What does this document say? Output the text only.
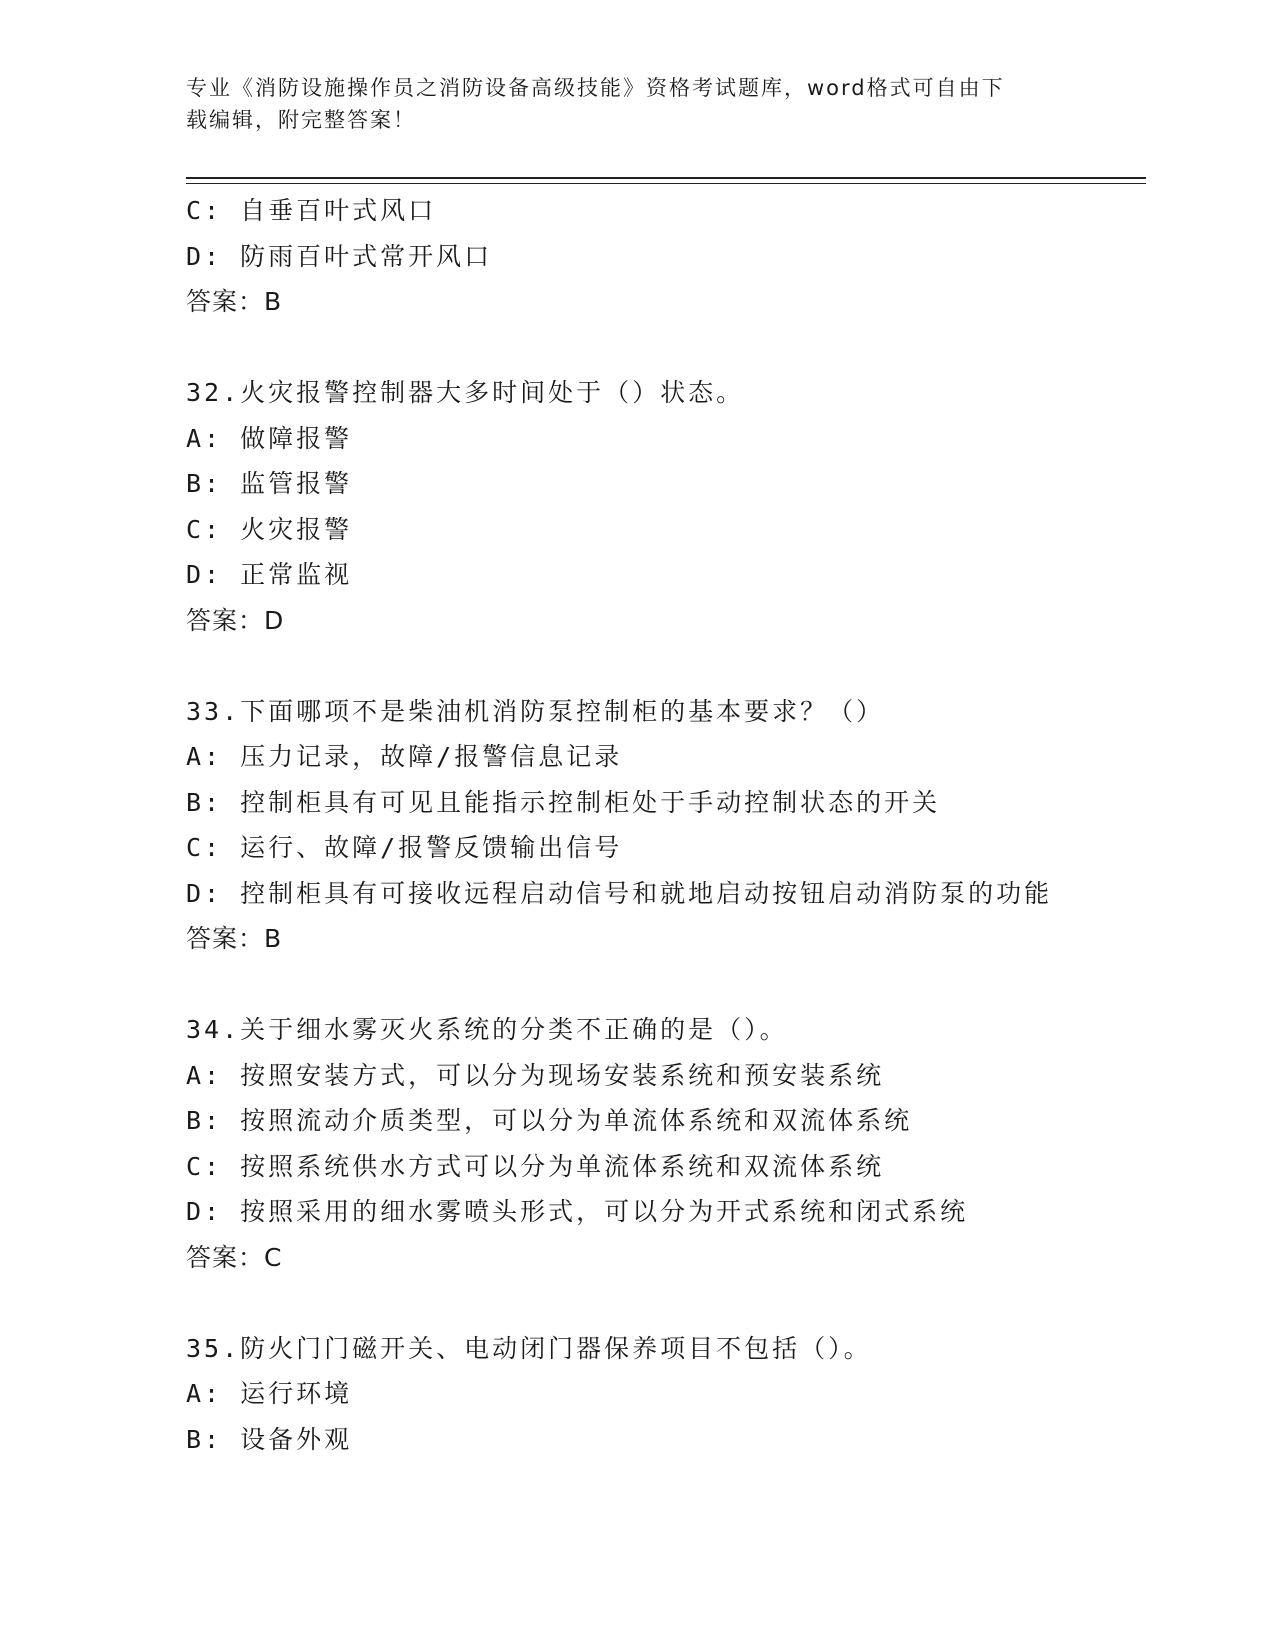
专业《消防设施操作员之消防设备高级技能》资格考试题库，word格式可自由下
载编辑，附完整答案！
C: 自垂百叶式风口
D: 防雨百叶式常开风口
答案：B
32.火灾报警控制器大多时间处于（）状态。
A: 做障报警
B: 监管报警
C: 火灾报警
D: 正常监视
答案：D
33.下面哪项不是柴油机消防泵控制柜的基本要求？（）
A: 压力记录，故障/报警信息记录
B: 控制柜具有可见且能指示控制柜处于手动控制状态的开关
C: 运行、故障/报警反馈输出信号
D: 控制柜具有可接收远程启动信号和就地启动按钮启动消防泵的功能
答案：B
34.关于细水雾灭火系统的分类不正确的是（）。
A: 按照安装方式，可以分为现场安装系统和预安装系统
B: 按照流动介质类型，可以分为单流体系统和双流体系统
C: 按照系统供水方式可以分为单流体系统和双流体系统
D: 按照采用的细水雾喷头形式，可以分为开式系统和闭式系统
答案：C
35.防火门门磁开关、电动闭门器保养项目不包括（）。
A: 运行环境
B: 设备外观
